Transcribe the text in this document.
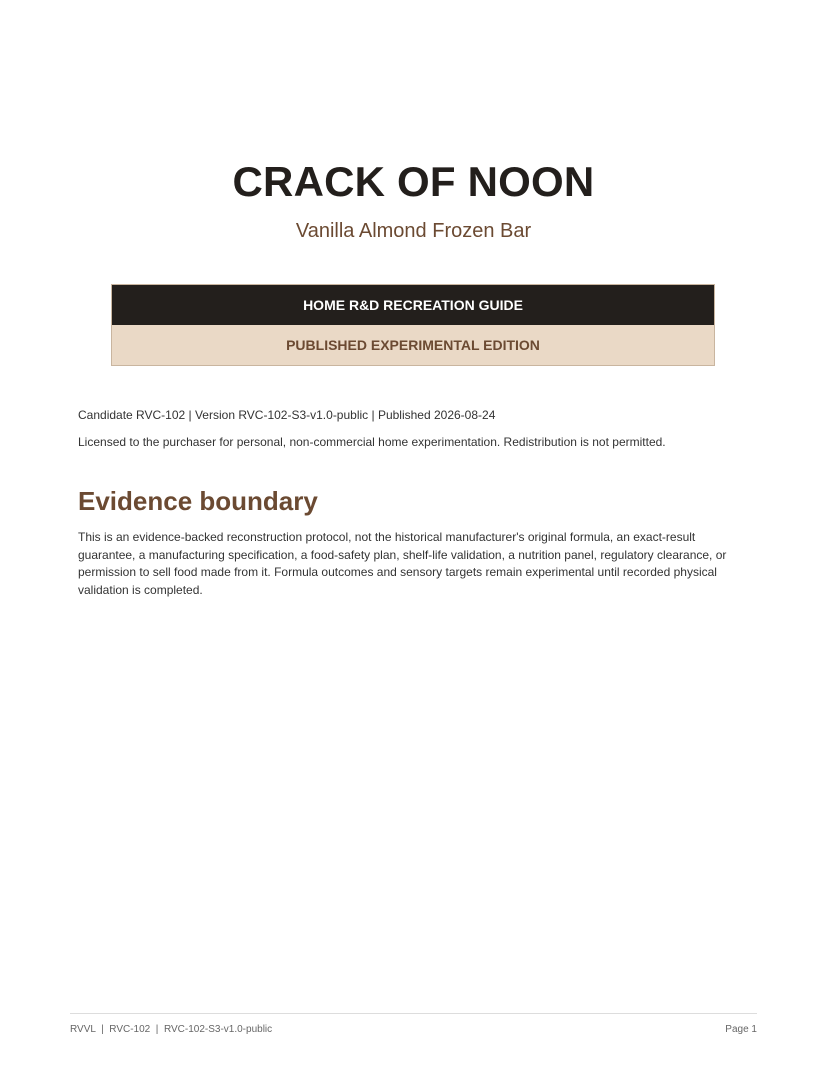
CRACK OF NOON
Vanilla Almond Frozen Bar
HOME R&D RECREATION GUIDE
PUBLISHED EXPERIMENTAL EDITION
Candidate RVC-102 | Version RVC-102-S3-v1.0-public | Published 2026-08-24
Licensed to the purchaser for personal, non-commercial home experimentation. Redistribution is not permitted.
Evidence boundary

This is an evidence-backed reconstruction protocol, not the historical manufacturer's original formula, an exact-result guarantee, a manufacturing specification, a food-safety plan, shelf-life validation, a nutrition panel, regulatory clearance, or permission to sell food made from it. Formula outcomes and sensory targets remain experimental until recorded physical validation is completed.

RVVL  |  RVC-102  |  RVC-102-S3-v1.0-public	Page 1
